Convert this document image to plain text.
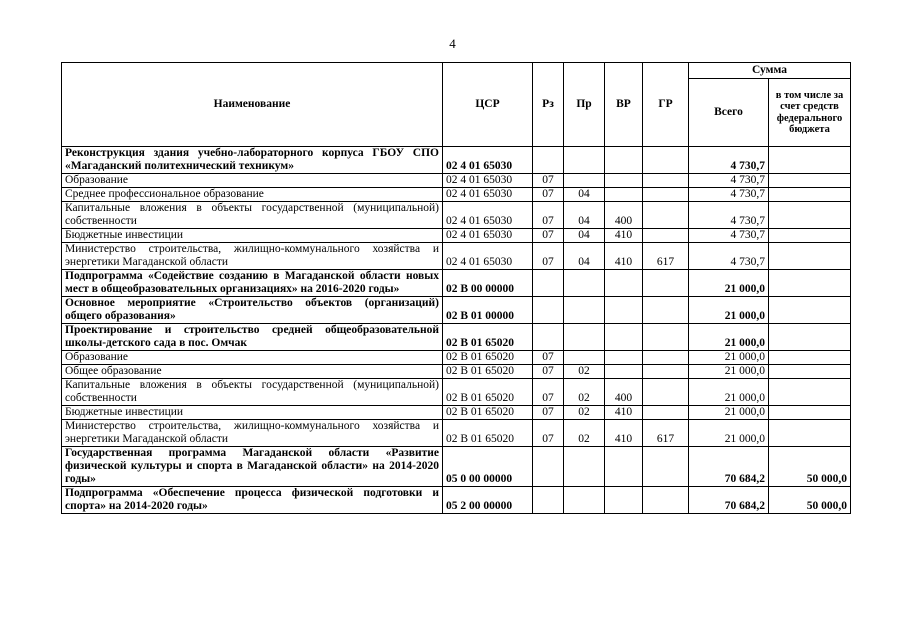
4
Наименование	ЦСР	Рз	Пр	ВР	ГР	Сумма	
						Всего	в том числе за счет средств федерального бюджета
Реконструкция здания учебно-лабораторного корпуса ГБОУ СПО «Магаданский политехнический техникум»	02 4 01 65030					4 730,7	
Образование	02 4 01 65030	07				4 730,7	
Среднее профессиональное образование	02 4 01 65030	07	04			4 730,7	
Капитальные вложения в объекты государственной (муниципальной) собственности	02 4 01 65030	07	04	400		4 730,7	
Бюджетные инвестиции	02 4 01 65030	07	04	410		4 730,7	
Министерство строительства, жилищно-коммунального хозяйства и энергетики Магаданской области	02 4 01 65030	07	04	410	617	4 730,7	
Подпрограмма «Содействие созданию в Магаданской области новых мест в общеобразовательных организациях» на 2016-2020 годы»	02 В 00 00000					21 000,0	
Основное мероприятие «Строительство объектов (организаций) общего образования»	02 В 01 00000					21 000,0	
Проектирование и строительство средней общеобразовательной школы-детского сада в пос. Омчак	02 В 01 65020					21 000,0	
Образование	02 В 01 65020	07				21 000,0	
Общее образование	02 В 01 65020	07	02			21 000,0	
Капитальные вложения в объекты государственной (муниципальной) собственности	02 В 01 65020	07	02	400		21 000,0	
Бюджетные инвестиции	02 В 01 65020	07	02	410		21 000,0	
Министерство строительства, жилищно-коммунального хозяйства и энергетики Магаданской области	02 В 01 65020	07	02	410	617	21 000,0	
Государственная программа Магаданской области «Развитие физической культуры и спорта в Магаданской области» на 2014-2020 годы»	05 0 00 00000					70 684,2	50 000,0
Подпрограмма «Обеспечение процесса физической подготовки и спорта» на 2014-2020 годы»	05 2 00 00000					70 684,2	50 000,0
